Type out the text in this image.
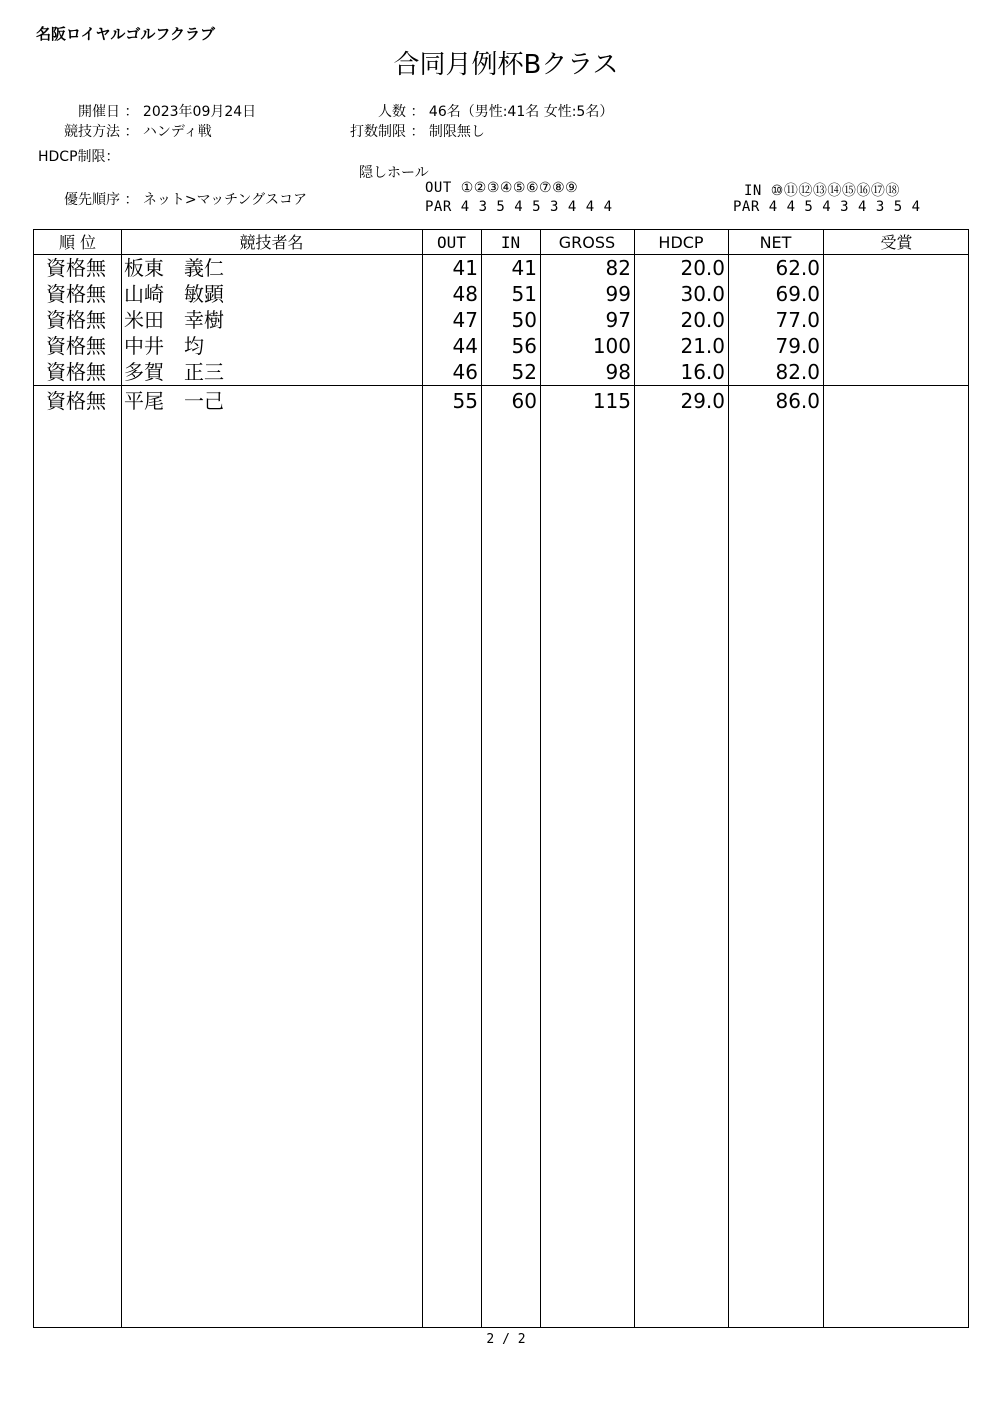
名阪ロイヤルゴルフクラブ
合同月例杯Bクラス
開催日 ： 2023年09月24日
競技方法 ： ハンディ戦
HDCP制限：
優先順序 ： ネット>マッチングスコア
人数 ： 46名（男性:41名 女性:5名）
打数制限 ： 制限無し
隠しホール
OUT ①②③④⑤⑥⑦⑧⑨
PAR 4 3 5 4 5 3 4 4 4
IN ⑩⑪⑫⑬⑭⑮⑯⑰⑱
PAR 4 4 5 4 3 4 3 5 4
順 位	競技者名	OUT	IN	GROSS	HDCP	NET	受賞
資格無 板東　義仁	41	41	82	20.0	62.0
資格無 山崎　敏顕	48	51	99	30.0	69.0
資格無 米田　幸樹	47	50	97	20.0	77.0
資格無 中井　均	44	56	100	21.0	79.0
資格無 多賀　正三	46	52	98	16.0	82.0
資格無 平尾　一己	55	60	115	29.0	86.0
2 / 2
